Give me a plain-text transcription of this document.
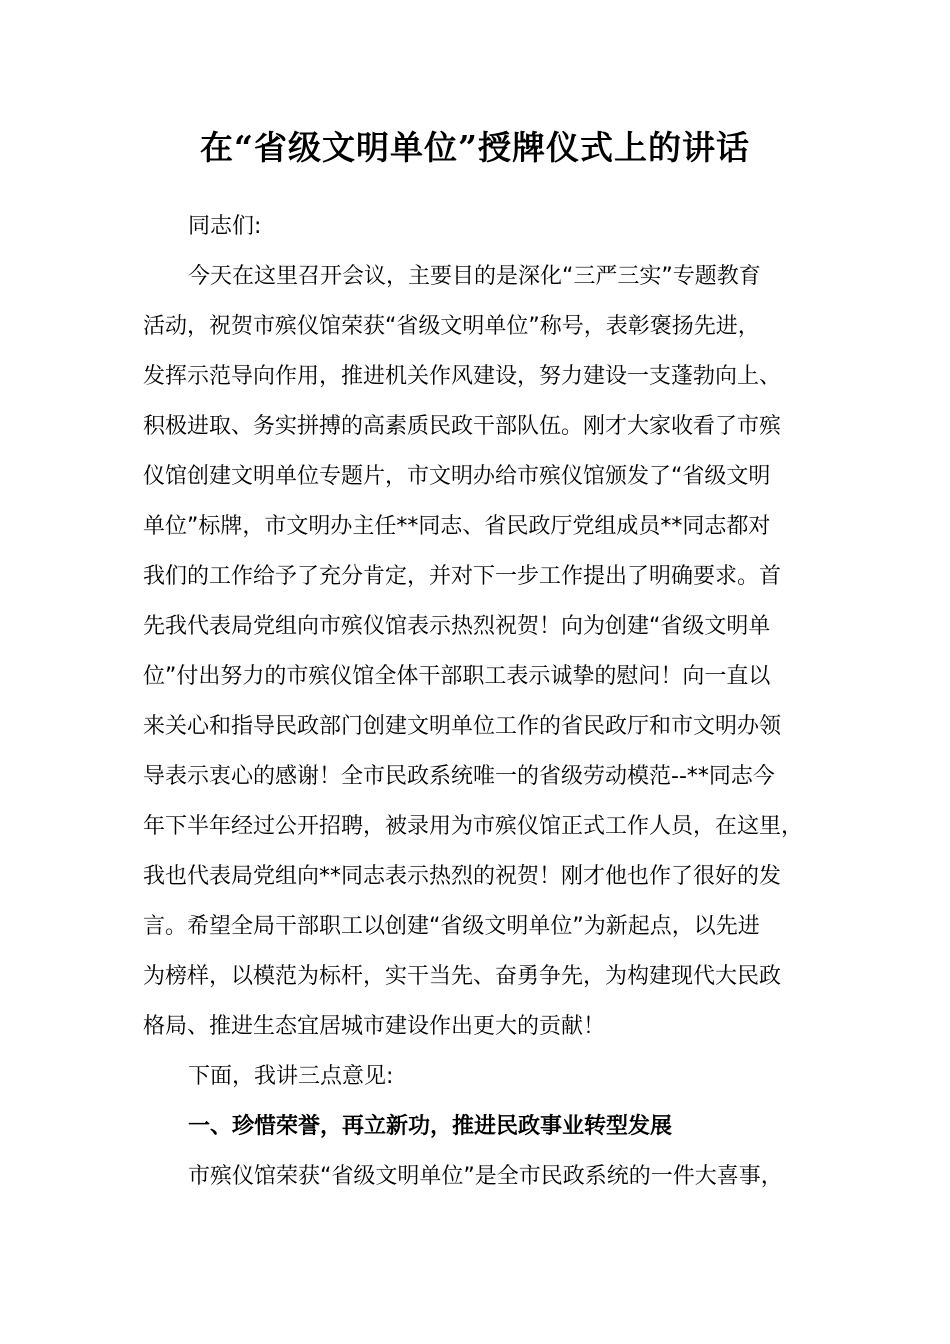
在“省级文明单位”授牌仪式上的讲话
同志们:
今天在这里召开会议，主要目的是深化“三严三实”专题教育
活动，祝贺市殡仪馆荣获“省级文明单位”称号，表彰褒扬先进，
发挥示范导向作用，推进机关作风建设，努力建设一支蓬勃向上、
积极进取、务实拼搏的高素质民政干部队伍。刚才大家收看了市殡
仪馆创建文明单位专题片，市文明办给市殡仪馆颁发了“省级文明
单位”标牌，市文明办主任**同志、省民政厅党组成员**同志都对
我们的工作给予了充分肯定，并对下一步工作提出了明确要求。首
先我代表局党组向市殡仪馆表示热烈祝贺！向为创建“省级文明单
位”付出努力的市殡仪馆全体干部职工表示诚挚的慰问！向一直以
来关心和指导民政部门创建文明单位工作的省民政厅和市文明办领
导表示衷心的感谢！全市民政系统唯一的省级劳动模范--**同志今
年下半年经过公开招聘，被录用为市殡仪馆正式工作人员，在这里，
我也代表局党组向**同志表示热烈的祝贺！刚才他也作了很好的发
言。希望全局干部职工以创建“省级文明单位”为新起点，以先进
为榜样，以模范为标杆，实干当先、奋勇争先，为构建现代大民政
格局、推进生态宜居城市建设作出更大的贡献！
下面，我讲三点意见:
一、珍惜荣誉，再立新功，推进民政事业转型发展
市殡仪馆荣获“省级文明单位”是全市民政系统的一件大喜事，
